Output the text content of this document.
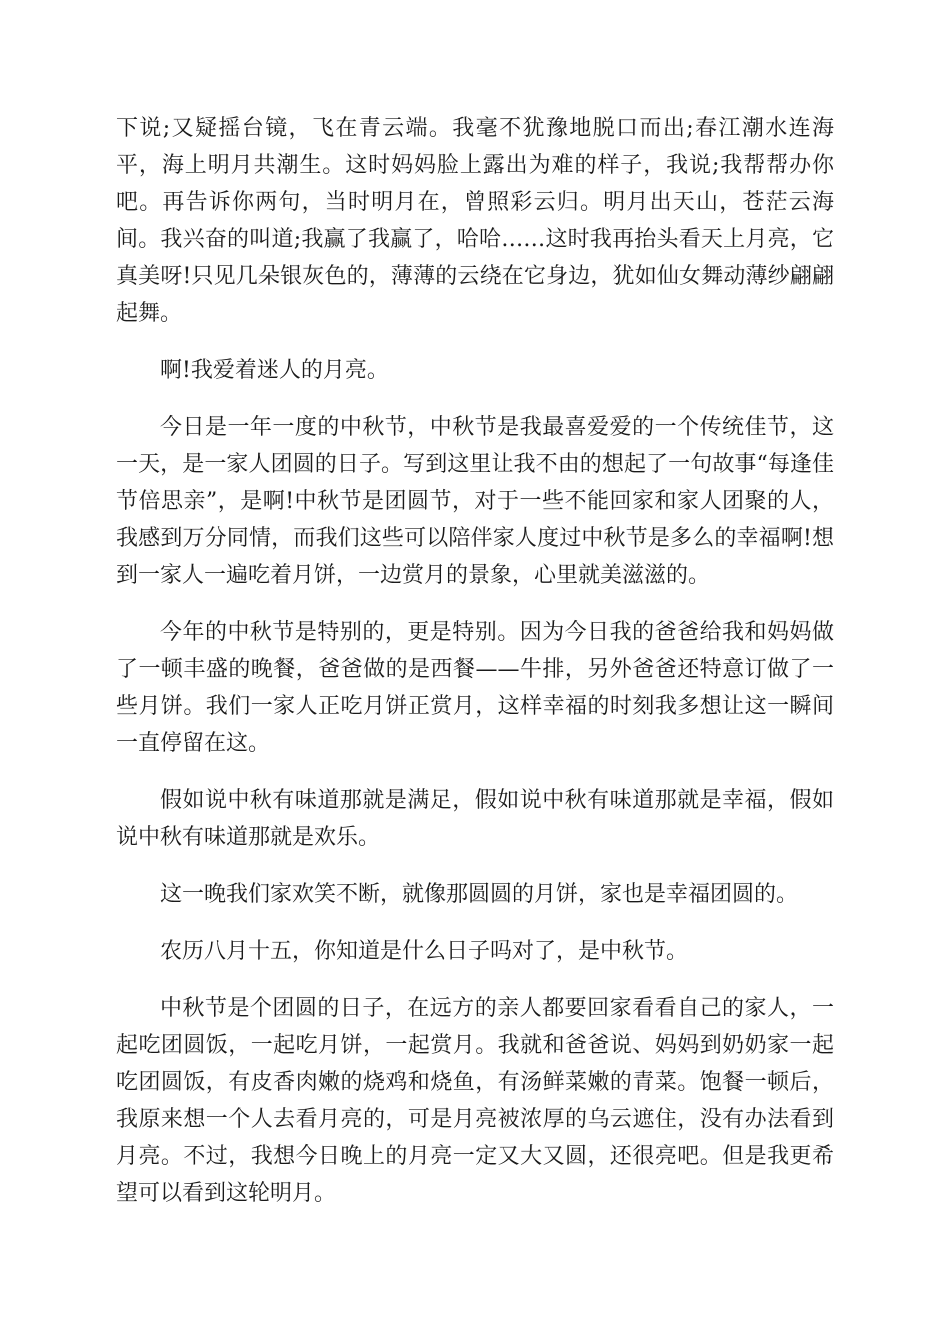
下说;又疑摇台镜，飞在青云端。我毫不犹豫地脱口而出;春江潮水连海平，海上明月共潮生。这时妈妈脸上露出为难的样子，我说;我帮帮办你吧。再告诉你两句，当时明月在，曾照彩云归。明月出天山，苍茫云海间。我兴奋的叫道;我赢了我赢了，哈哈……这时我再抬头看天上月亮，它真美呀!只见几朵银灰色的，薄薄的云绕在它身边，犹如仙女舞动薄纱翩翩起舞。

啊!我爱着迷人的月亮。

今日是一年一度的中秋节，中秋节是我最喜爱爱的一个传统佳节，这一天，是一家人团圆的日子。写到这里让我不由的想起了一句故事“每逢佳节倍思亲”，是啊!中秋节是团圆节，对于一些不能回家和家人团聚的人，我感到万分同情，而我们这些可以陪伴家人度过中秋节是多么的幸福啊!想到一家人一遍吃着月饼，一边赏月的景象，心里就美滋滋的。

今年的中秋节是特别的，更是特别。因为今日我的爸爸给我和妈妈做了一顿丰盛的晚餐，爸爸做的是西餐——牛排，另外爸爸还特意订做了一些月饼。我们一家人正吃月饼正赏月，这样幸福的时刻我多想让这一瞬间一直停留在这。

假如说中秋有味道那就是满足，假如说中秋有味道那就是幸福，假如说中秋有味道那就是欢乐。

这一晚我们家欢笑不断，就像那圆圆的月饼，家也是幸福团圆的。

农历八月十五，你知道是什么日子吗对了，是中秋节。

中秋节是个团圆的日子，在远方的亲人都要回家看看自己的家人，一起吃团圆饭，一起吃月饼，一起赏月。我就和爸爸说、妈妈到奶奶家一起吃团圆饭，有皮香肉嫩的烧鸡和烧鱼，有汤鲜菜嫩的青菜。饱餐一顿后，我原来想一个人去看月亮的，可是月亮被浓厚的乌云遮住，没有办法看到月亮。不过，我想今日晚上的月亮一定又大又圆，还很亮吧。但是我更希望可以看到这轮明月。
